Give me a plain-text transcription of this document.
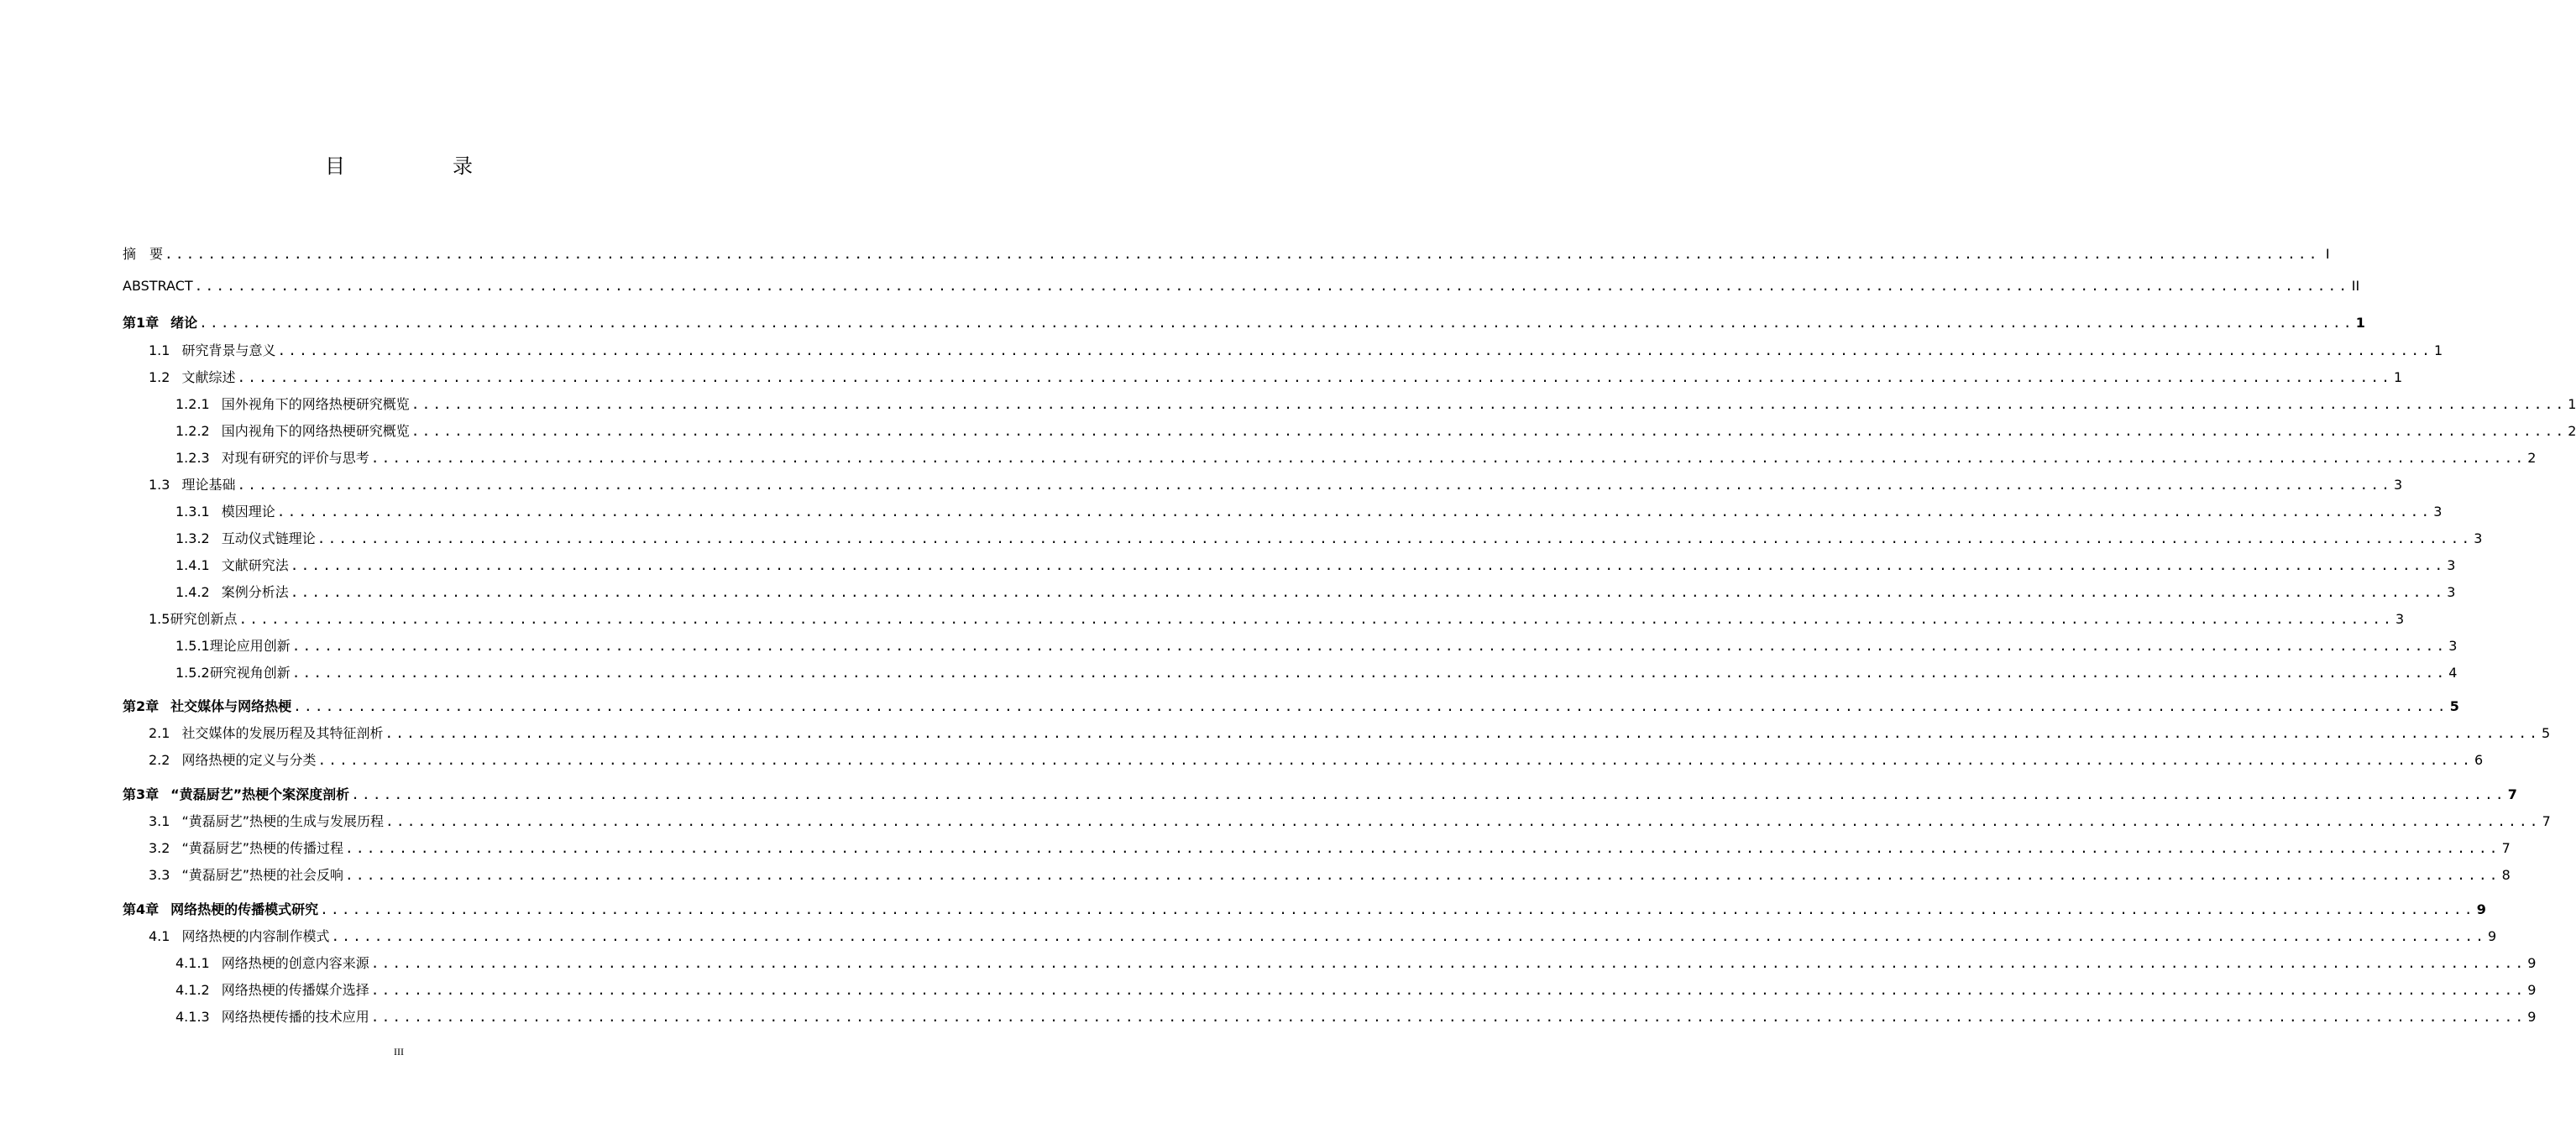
目　录
摘　要 ........................................................................................................................................................................................................ I
ABSTRACT ........................................................................................................................................................................................................ II
第1章 绪论 ........................................................................................................................................................................................................ 1
1.1 研究背景与意义 ........................................................................................................................................................................................................ 1
1.2 文献综述 ........................................................................................................................................................................................................ 1
1.2.1 国外视角下的网络热梗研究概览 ........................................................................................................................................................................................................ 1
1.2.2 国内视角下的网络热梗研究概览 ........................................................................................................................................................................................................ 2
1.2.3 对现有研究的评价与思考 ........................................................................................................................................................................................................ 2
1.3 理论基础 ........................................................................................................................................................................................................ 3
1.3.1 模因理论 ........................................................................................................................................................................................................ 3
1.3.2 互动仪式链理论 ........................................................................................................................................................................................................ 3
1.4.1 文献研究法 ........................................................................................................................................................................................................ 3
1.4.2 案例分析法 ........................................................................................................................................................................................................ 3
1.5研究创新点 ........................................................................................................................................................................................................ 3
1.5.1理论应用创新 ........................................................................................................................................................................................................ 3
1.5.2研究视角创新 ........................................................................................................................................................................................................ 4
第2章 社交媒体与网络热梗 ........................................................................................................................................................................................................ 5
2.1 社交媒体的发展历程及其特征剖析 ........................................................................................................................................................................................................ 5
2.2 网络热梗的定义与分类 ........................................................................................................................................................................................................ 6
第3章 “黄磊厨艺”热梗个案深度剖析 ........................................................................................................................................................................................................ 7
3.1 “黄磊厨艺”热梗的生成与发展历程 ........................................................................................................................................................................................................ 7
3.2 “黄磊厨艺”热梗的传播过程 ........................................................................................................................................................................................................ 7
3.3 “黄磊厨艺”热梗的社会反响 ........................................................................................................................................................................................................ 8
第4章 网络热梗的传播模式研究 ........................................................................................................................................................................................................ 9
4.1 网络热梗的内容制作模式 ........................................................................................................................................................................................................ 9
4.1.1 网络热梗的创意内容来源 ........................................................................................................................................................................................................ 9
4.1.2 网络热梗的传播媒介选择 ........................................................................................................................................................................................................ 9
4.1.3 网络热梗传播的技术应用 ........................................................................................................................................................................................................ 9
III
